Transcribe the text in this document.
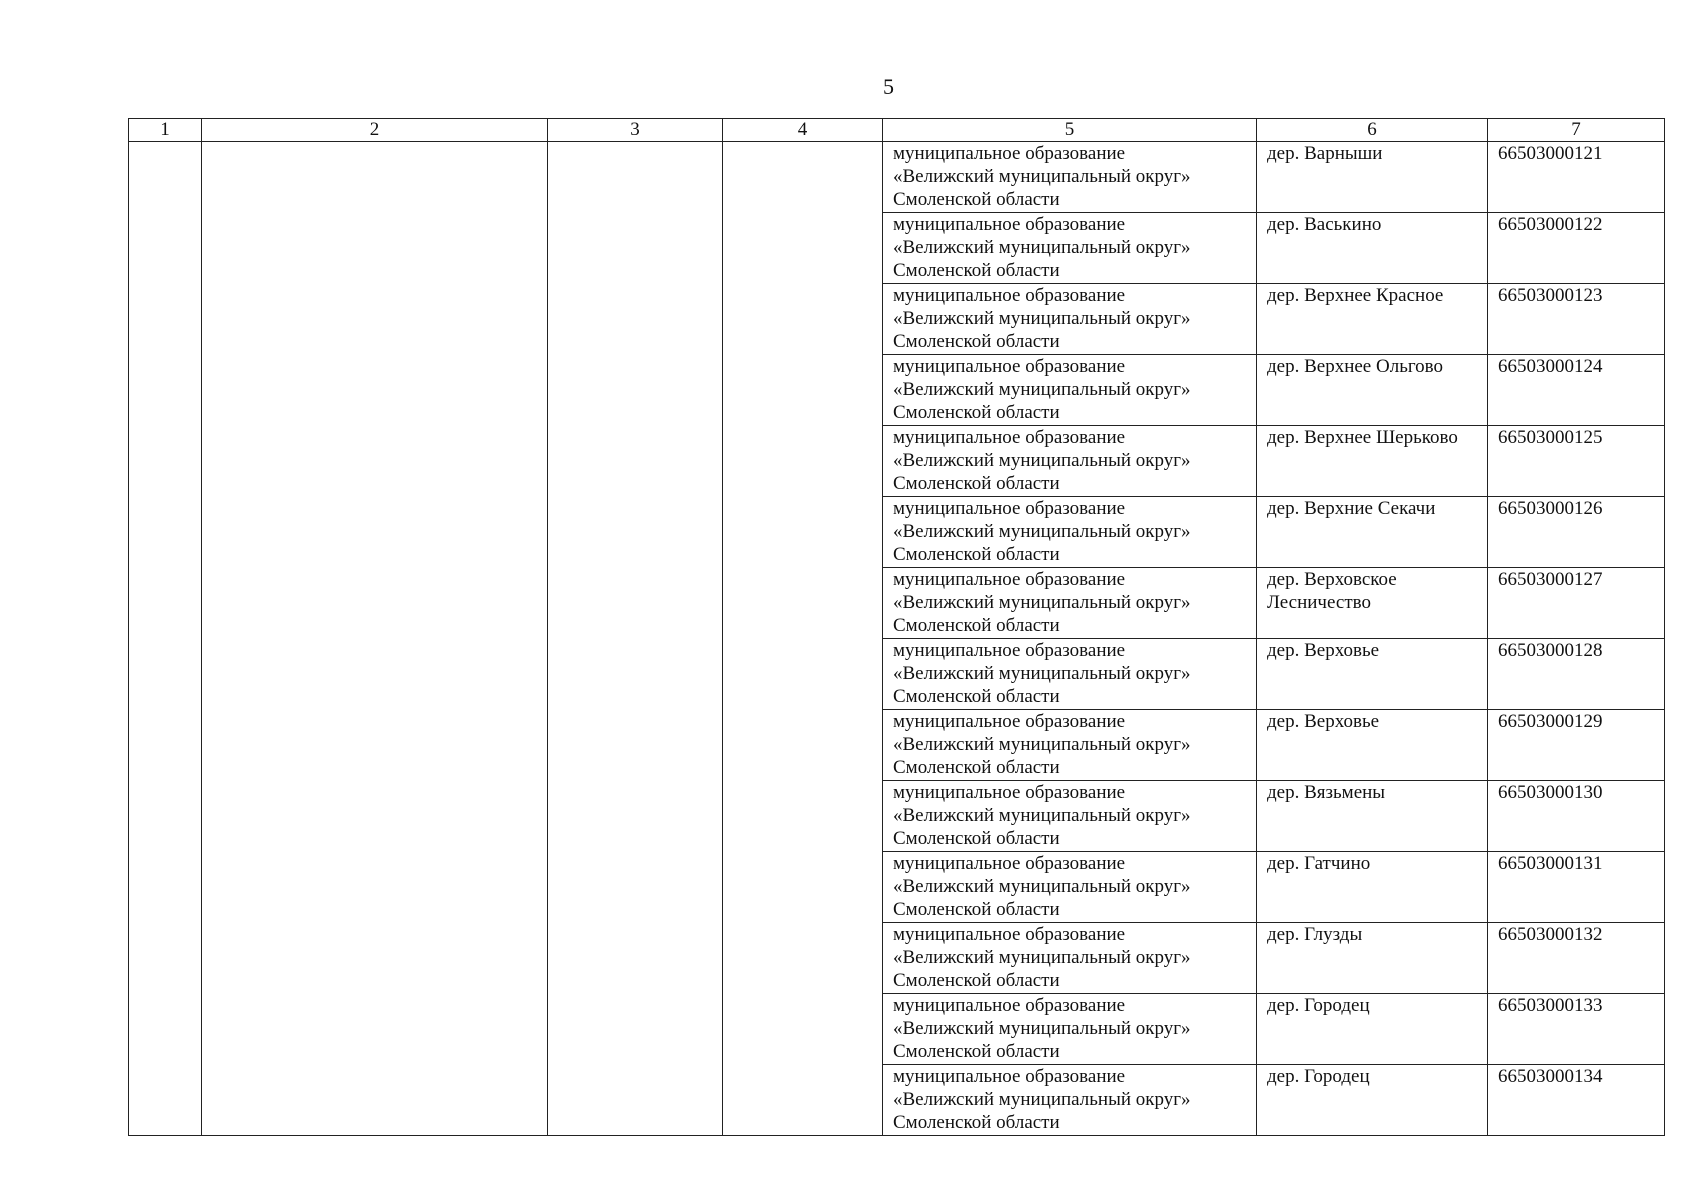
5
1	2	3	4	5	6	7

				муниципальное образование
«Велижский муниципальный округ»
Смоленской области	дер. Варныши	66503000121

				муниципальное образование
«Велижский муниципальный округ»
Смоленской области	дер. Васькино	66503000122

				муниципальное образование
«Велижский муниципальный округ»
Смоленской области	дер. Верхнее Красное	66503000123

				муниципальное образование
«Велижский муниципальный округ»
Смоленской области	дер. Верхнее Ольгово	66503000124

				муниципальное образование
«Велижский муниципальный округ»
Смоленской области	дер. Верхнее Шерьково	66503000125

				муниципальное образование
«Велижский муниципальный округ»
Смоленской области	дер. Верхние Секачи	66503000126

				муниципальное образование
«Велижский муниципальный округ»
Смоленской области	дер. Верховское Лесничество	66503000127

				муниципальное образование
«Велижский муниципальный округ»
Смоленской области	дер. Верховье	66503000128

				муниципальное образование
«Велижский муниципальный округ»
Смоленской области	дер. Верховье	66503000129

				муниципальное образование
«Велижский муниципальный округ»
Смоленской области	дер. Вязьмены	66503000130

				муниципальное образование
«Велижский муниципальный округ»
Смоленской области	дер. Гатчино	66503000131

				муниципальное образование
«Велижский муниципальный округ»
Смоленской области	дер. Глузды	66503000132

				муниципальное образование
«Велижский муниципальный округ»
Смоленской области	дер. Городец	66503000133

				муниципальное образование
«Велижский муниципальный округ»
Смоленской области	дер. Городец	66503000134
